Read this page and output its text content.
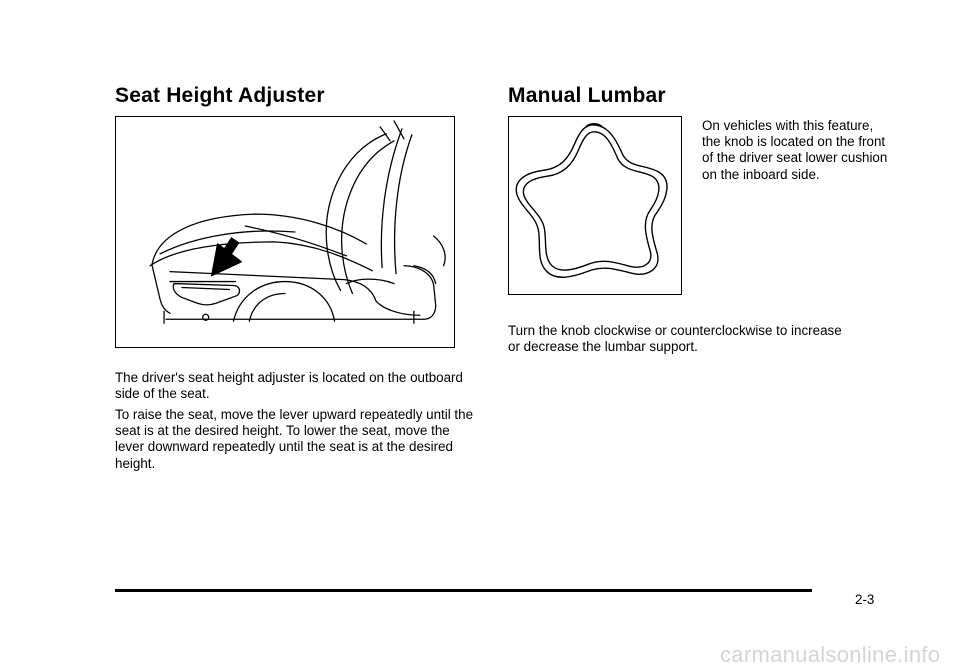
Seat Height Adjuster

The driver's seat height adjuster is located on the outboard side of the seat.

To raise the seat, move the lever upward repeatedly until the seat is at the desired height. To lower the seat, move the lever downward repeatedly until the seat is at the desired height.

Manual Lumbar

On vehicles with this feature, the knob is located on the front of the driver seat lower cushion on the inboard side.

Turn the knob clockwise or counterclockwise to increase or decrease the lumbar support.

2-3
carmanualsonline.info
